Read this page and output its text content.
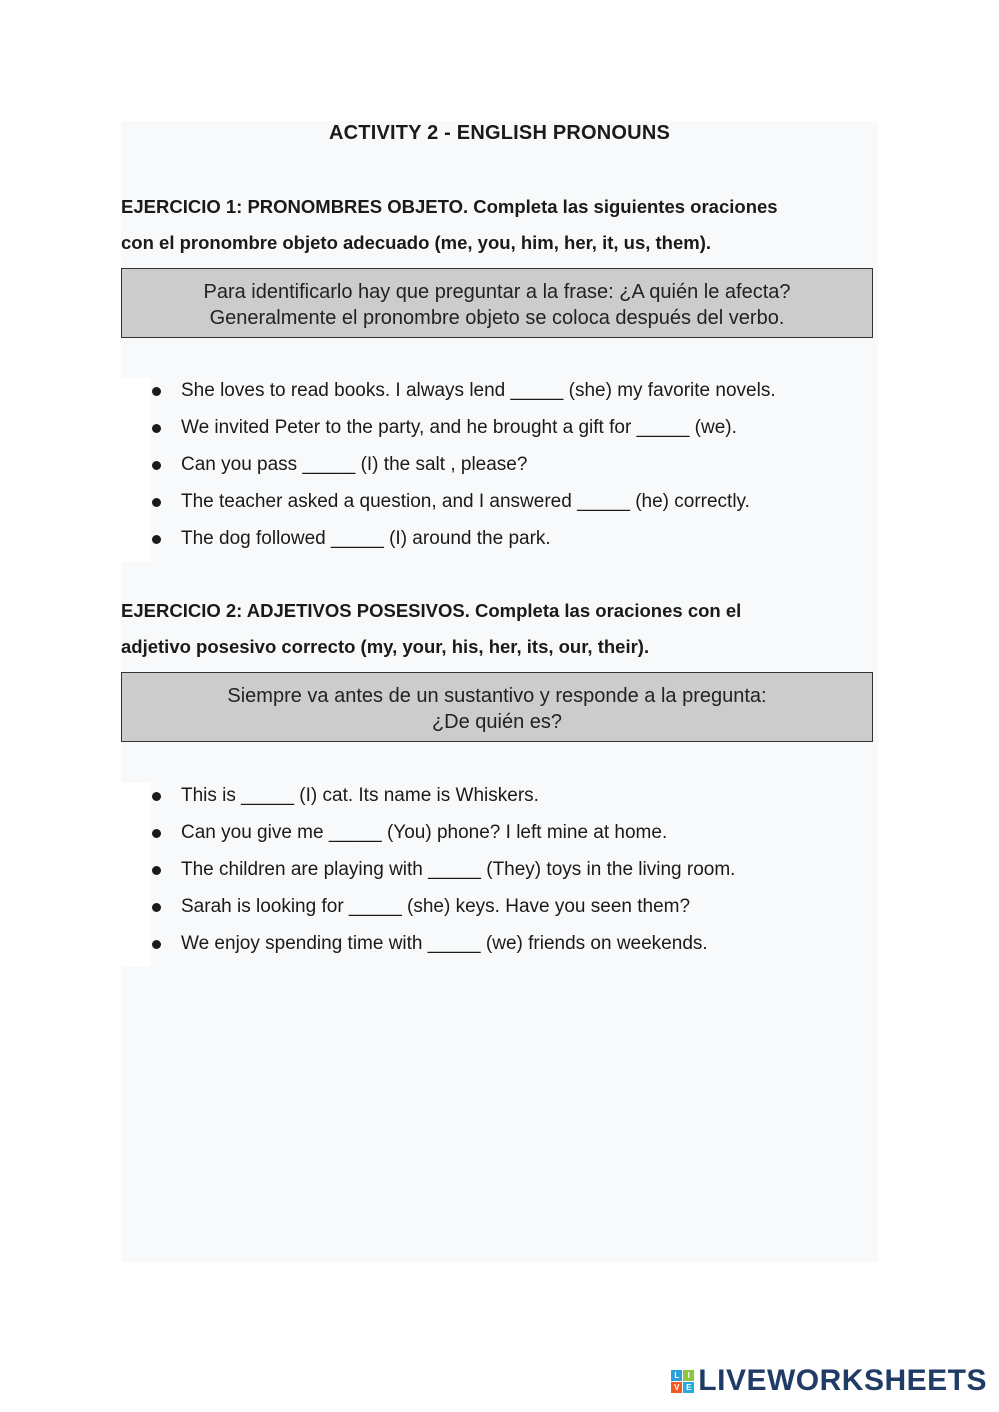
ACTIVITY 2 - ENGLISH PRONOUNS
EJERCICIO 1: PRONOMBRES OBJETO. Completa las siguientes oraciones
con el pronombre objeto adecuado (me, you, him, her, it, us, them).
Para identificarlo hay que preguntar a la frase: ¿A quién le afecta?
Generalmente el pronombre objeto se coloca después del verbo.
She loves to read books. I always lend _____ (she) my favorite novels.
We invited Peter to the party, and he brought a gift for _____ (we).
Can you pass _____ (I) the salt , please?
The teacher asked a question, and I answered _____ (he) correctly.
The dog followed _____ (I) around the park.
EJERCICIO 2: ADJETIVOS POSESIVOS. Completa las oraciones con el
adjetivo posesivo correcto (my, your, his, her, its, our, their).
Siempre va antes de un sustantivo y responde a la pregunta:
¿De quién es?
This is _____ (I) cat. Its name is Whiskers.
Can you give me _____ (You) phone? I left mine at home.
The children are playing with _____ (They) toys in the living room.
Sarah is looking for _____ (she) keys. Have you seen them?
We enjoy spending time with _____ (we) friends on weekends.
L	I
V E LIVEWORKSHEETS
